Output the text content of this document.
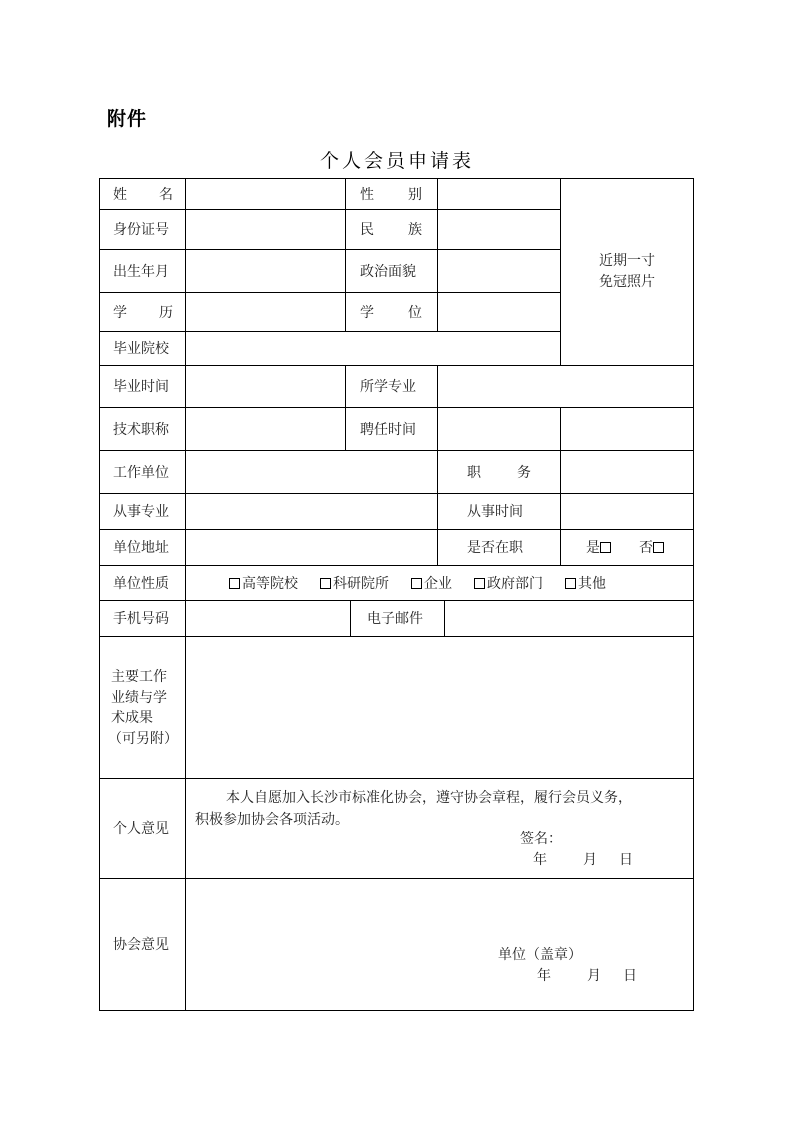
附件
个人会员申请表
姓 名	性 别
近期一寸
免冠照片
身份证号	民 族
出生年月	政治面貌
学 历	学 位
毕业院校
毕业时间	所学专业
技术职称	聘任时间
工作单位	职	务
从事专业	从事时间
单位地址	是否在职	是	否
单位性质	高等院校	科研院所	企业	政府部门	其他
手机号码	电子邮件
主要工作
业绩与学
术成果
（可另附）
个人意见
本人自愿加入长沙市标准化协会，遵守协会章程，履行会员义务，
积极参加协会各项活动。
签名：
年	月 日
协会意见
单位（盖章）
年	月 日
